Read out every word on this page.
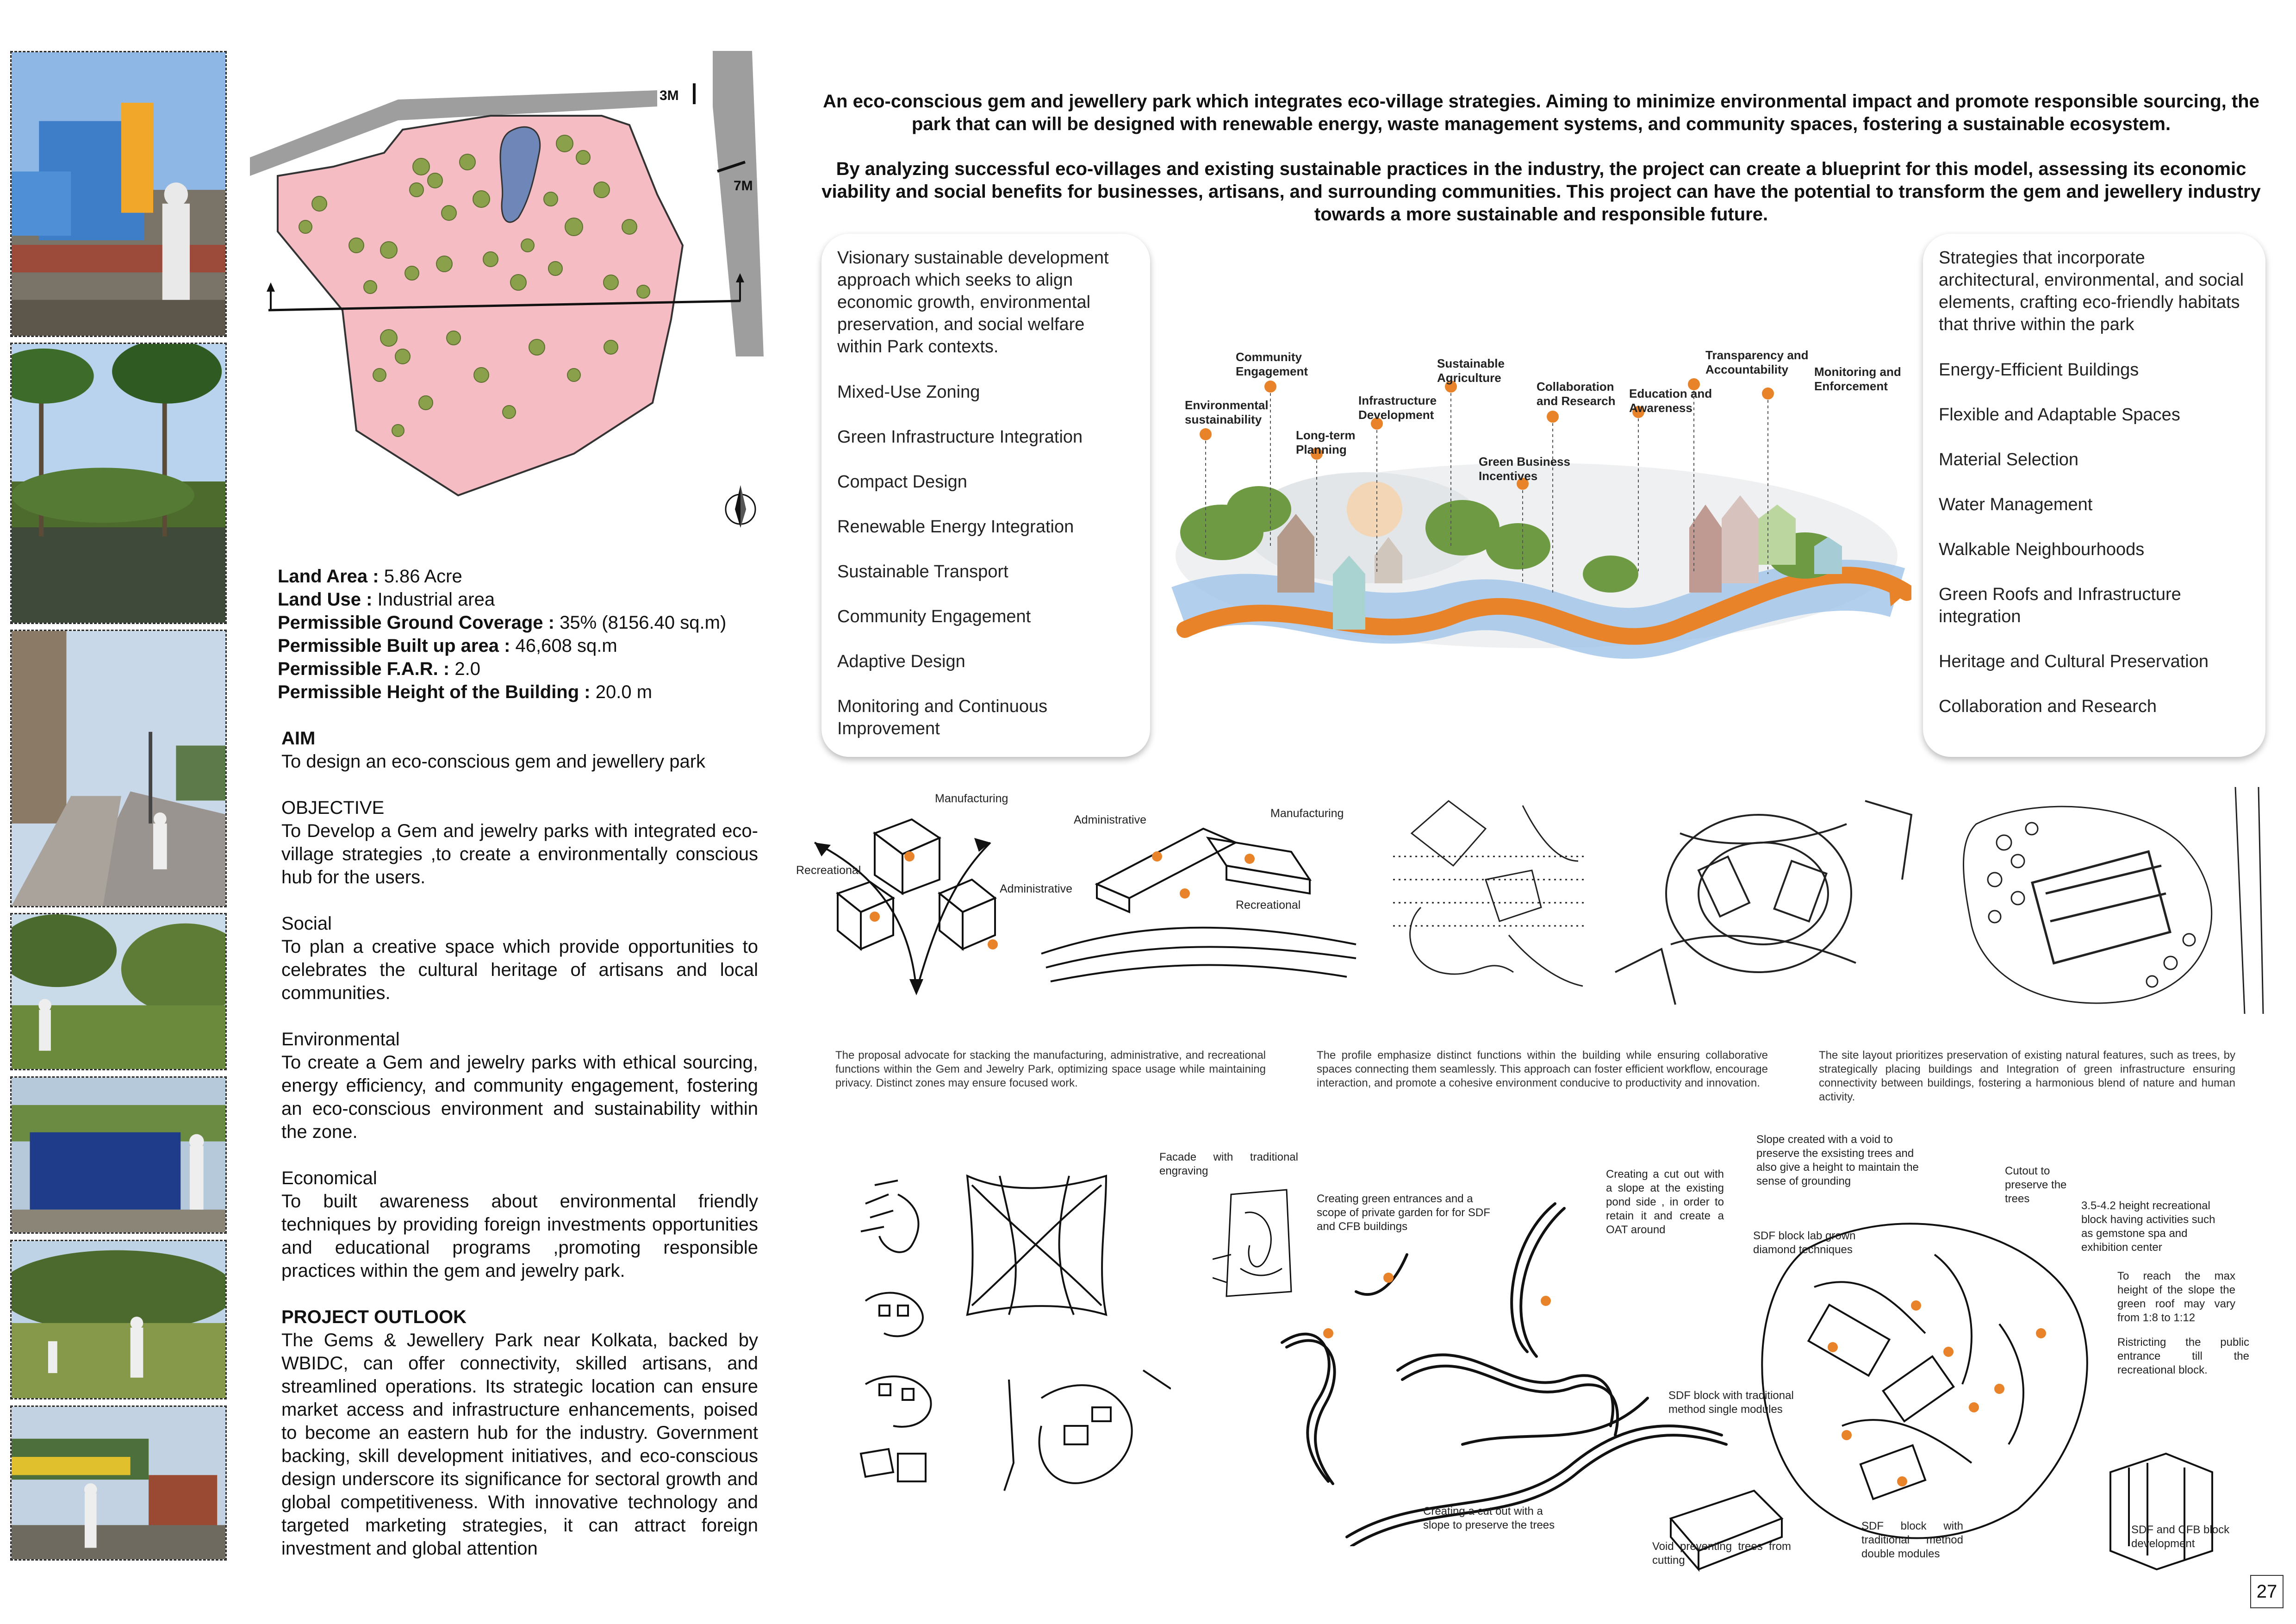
3M
7M
Land Area : 5.86 Acre
Land Use : Industrial area
Permissible Ground Coverage : 35% (8156.40 sq.m)
Permissible Built up area : 46,608 sq.m
Permissible F.A.R. : 2.0
Permissible Height of the Building : 20.0 m
AIM

To design an eco-conscious gem and jewellery park

OBJECTIVE

To Develop a Gem and jewelry parks with integrated eco-village strategies ,to create a environmentally conscious hub for the users.

Social

To plan a creative space which provide opportunities to celebrates the cultural heritage of artisans and local communities.

Environmental

To create a Gem and jewelry parks with ethical sourcing, energy efficiency, and community engagement, fostering an eco-conscious environment and sustainability within the zone.

Economical

To built awareness about environmental friendly techniques by providing foreign investments opportunities and educational programs ,promoting responsible practices within the gem and jewelry park.

PROJECT OUTLOOK

The Gems & Jewellery Park near Kolkata, backed by WBIDC, can offer connectivity, skilled artisans, and streamlined operations. Its strategic location can ensure market access and infrastructure enhancements, poised to become an eastern hub for the industry. Government backing, skill development initiatives, and eco-conscious design underscore its significance for sectoral growth and global competitiveness. With innovative technology and targeted marketing strategies, it can attract foreign investment and global attention

An eco-conscious gem and jewellery park which integrates eco-village strategies. Aiming to minimize environmental impact and promote responsible sourcing, the park that can will be designed with renewable energy, waste management systems, and community spaces, fostering a sustainable ecosystem.

By analyzing successful eco-villages and existing sustainable practices in the industry, the project can create a blueprint for this model, assessing its economic viability and social benefits for businesses, artisans, and surrounding communities. This project can have the potential to transform the gem and jewellery industry towards a more sustainable and responsible future.

Visionary sustainable development approach which seeks to align economic growth, environmental preservation, and social welfare within Park contexts.

Mixed-Use Zoning

Green Infrastructure Integration

Compact Design

Renewable Energy Integration

Sustainable Transport

Community Engagement

Adaptive Design

Monitoring and Continuous Improvement

Strategies that incorporate architectural, environmental, and social elements, crafting eco-friendly habitats that thrive within the park

Energy-Efficient Buildings

Flexible and Adaptable Spaces

Material Selection

Water Management

Walkable Neighbourhoods

Green Roofs and Infrastructure integration

Heritage and Cultural Preservation

Collaboration and Research

Environmental sustainability
Community Engagement
Long-term Planning
Infrastructure Development
Sustainable Agriculture
Green Business Incentives
Collaboration and Research
Education and Awareness
Transparency and Accountability	Monitoring and Enforcement
Manufacturing
Recreational
Administrative
Administrative	Manufacturing
Recreational
The proposal advocate for stacking the manufacturing, administrative, and recreational functions within the Gem and Jewelry Park, optimizing space usage while maintaining privacy. Distinct zones may ensure focused work.
The profile emphasize distinct functions within the building while ensuring collaborative spaces connecting them seamlessly. This approach can foster efficient workflow, encourage interaction, and promote a cohesive environment conducive to productivity and innovation.
The site layout prioritizes preservation of existing natural features, such as trees, by strategically placing buildings and Integration of green infrastructure ensuring connectivity between buildings, fostering a harmonious blend of nature and human activity.
Facade with traditional engraving
Creating green entrances and a scope of private garden for for SDF and CFB buildings
Creating a cut out with a slope at the existing pond side , in order to retain it and create a OAT around
Creating a cut out with a slope to preserve the trees
Slope created with a void to preserve the exsisting trees and also give a height to maintain the sense of grounding
Cutout to preserve the trees
SDF block lab grown diamond techniques
3.5-4.2 height recreational block having activities such as gemstone spa and exhibition center
To reach the max height of the slope the green roof may vary from 1:8 to 1:12
Ristricting the public entrance till the recreational block.
SDF block with traditional method single modules
SDF block with traditional method double modules
Void preventing trees from cutting
SDF and CFB block development
27
